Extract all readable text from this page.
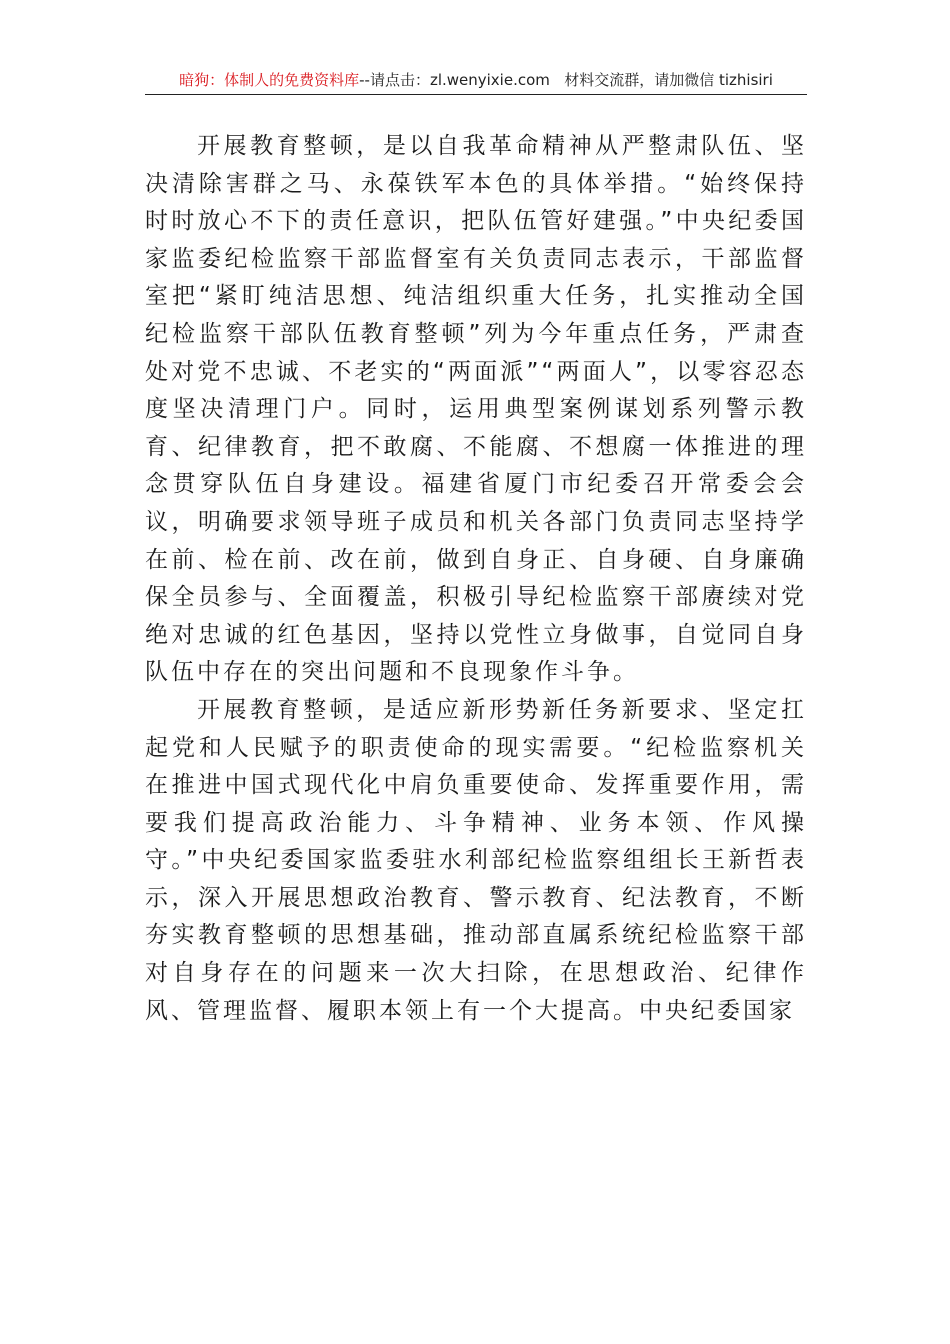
暗狗：体制人的免费资料库--请点击：zl.wenyixie.com 材料交流群，请加微信 tizhisiri

开展教育整顿，是以自我革命精神从严整肃队伍、坚决清除害群之马、永葆铁军本色的具体举措。“始终保持时时放心不下的责任意识，把队伍管好建强。”中央纪委国家监委纪检监察干部监督室有关负责同志表示，干部监督室把“紧盯纯洁思想、纯洁组织重大任务，扎实推动全国纪检监察干部队伍教育整顿”列为今年重点任务，严肃查处对党不忠诚、不老实的“两面派”“两面人”，以零容忍态度坚决清理门户。同时，运用典型案例谋划系列警示教育、纪律教育，把不敢腐、不能腐、不想腐一体推进的理念贯穿队伍自身建设。福建省厦门市纪委召开常委会会议，明确要求领导班子成员和机关各部门负责同志坚持学在前、检在前、改在前，做到自身正、自身硬、自身廉确保全员参与、全面覆盖，积极引导纪检监察干部赓续对党绝对忠诚的红色基因，坚持以党性立身做事，自觉同自身队伍中存在的突出问题和不良现象作斗争。

开展教育整顿，是适应新形势新任务新要求、坚定扛起党和人民赋予的职责使命的现实需要。“纪检监察机关在推进中国式现代化中肩负重要使命、发挥重要作用，需要我们提高政治能力、斗争精神、业务本领、作风操守。”中央纪委国家监委驻水利部纪检监察组组长王新哲表示，深入开展思想政治教育、警示教育、纪法教育，不断夯实教育整顿的思想基础，推动部直属系统纪检监察干部对自身存在的问题来一次大扫除，在思想政治、纪律作风、管理监督、履职本领上有一个大提高。中央纪委国家
